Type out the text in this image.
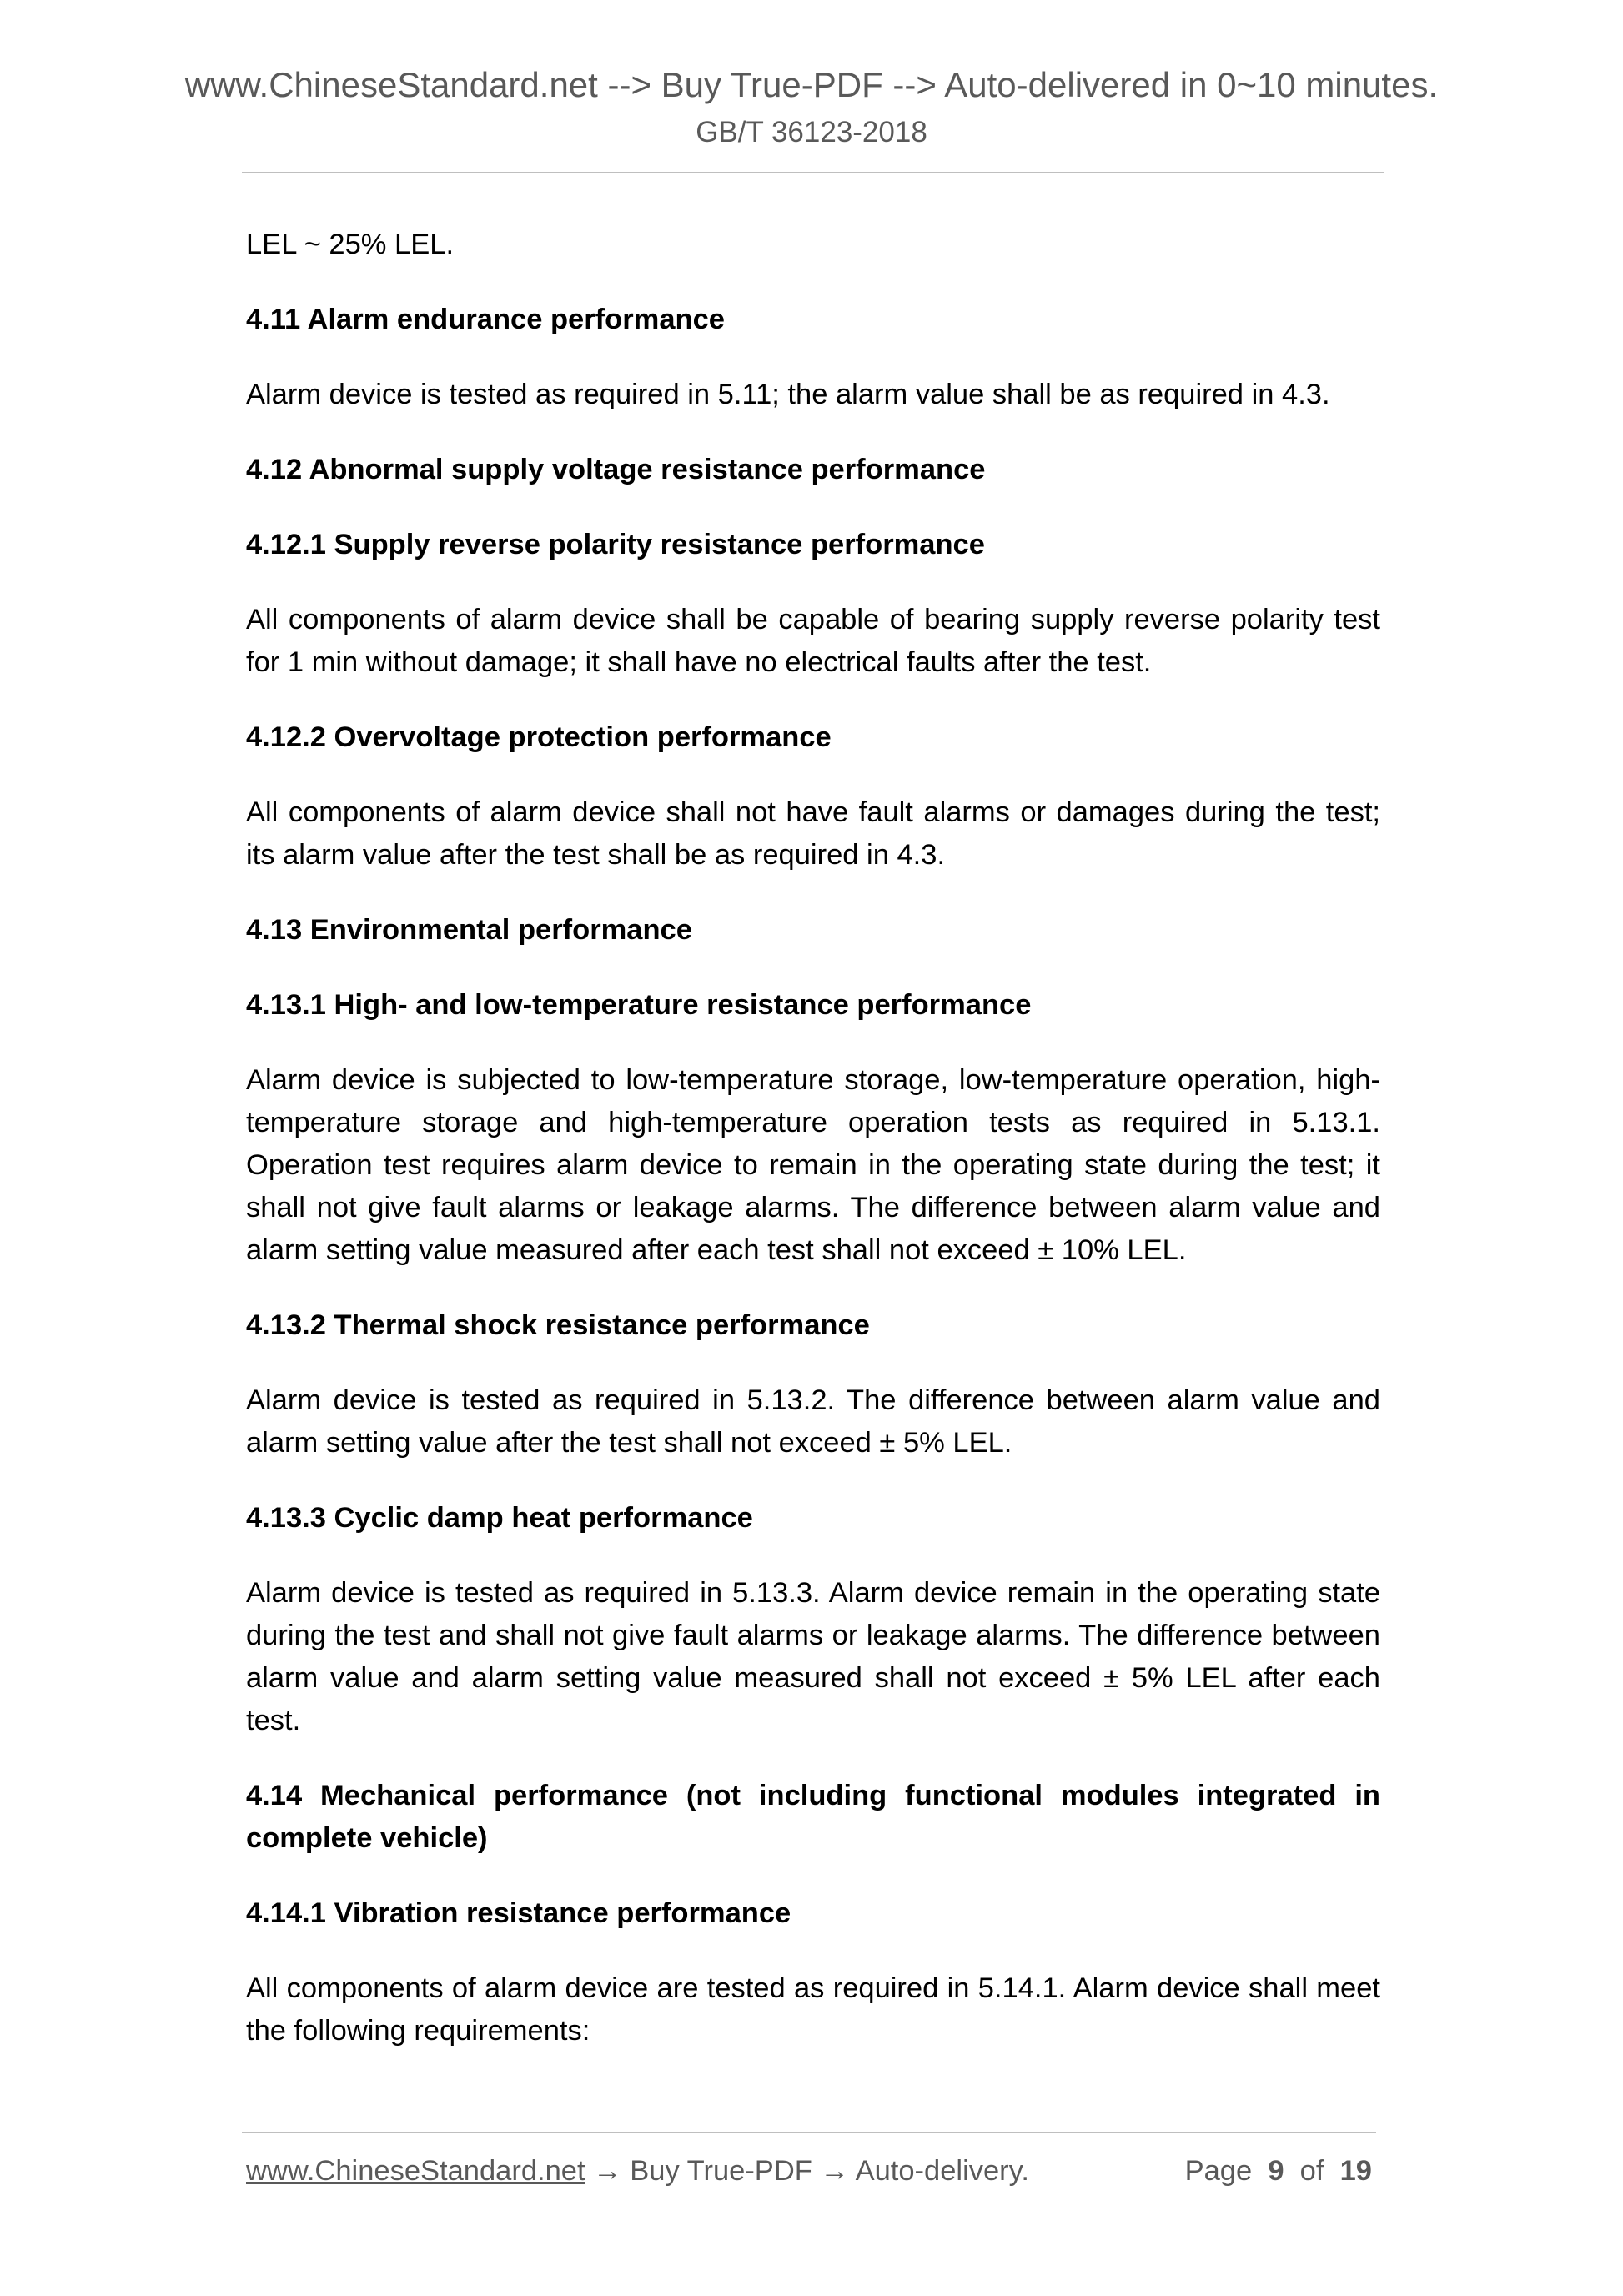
www.ChineseStandard.net --> Buy True-PDF --> Auto-delivered in 0~10 minutes.
GB/T 36123-2018
LEL ~ 25% LEL.
4.11 Alarm endurance performance
Alarm device is tested as required in 5.11; the alarm value shall be as required in 4.3.
4.12 Abnormal supply voltage resistance performance
4.12.1 Supply reverse polarity resistance performance
All components of alarm device shall be capable of bearing supply reverse polarity test for 1 min without damage; it shall have no electrical faults after the test.
4.12.2 Overvoltage protection performance
All components of alarm device shall not have fault alarms or damages during the test; its alarm value after the test shall be as required in 4.3.
4.13 Environmental performance
4.13.1 High- and low-temperature resistance performance
Alarm device is subjected to low-temperature storage, low-temperature operation, high-temperature storage and high-temperature operation tests as required in 5.13.1. Operation test requires alarm device to remain in the operating state during the test; it shall not give fault alarms or leakage alarms. The difference between alarm value and alarm setting value measured after each test shall not exceed ± 10% LEL.
4.13.2 Thermal shock resistance performance
Alarm device is tested as required in 5.13.2. The difference between alarm value and alarm setting value after the test shall not exceed ± 5% LEL.
4.13.3 Cyclic damp heat performance
Alarm device is tested as required in 5.13.3. Alarm device remain in the operating state during the test and shall not give fault alarms or leakage alarms. The difference between alarm value and alarm setting value measured shall not exceed ± 5% LEL after each test.
4.14 Mechanical performance (not including functional modules integrated in complete vehicle)
4.14.1 Vibration resistance performance
All components of alarm device are tested as required in 5.14.1. Alarm device shall meet the following requirements:
www.ChineseStandard.net → Buy True-PDF → Auto-delivery.	Page 9 of 19
